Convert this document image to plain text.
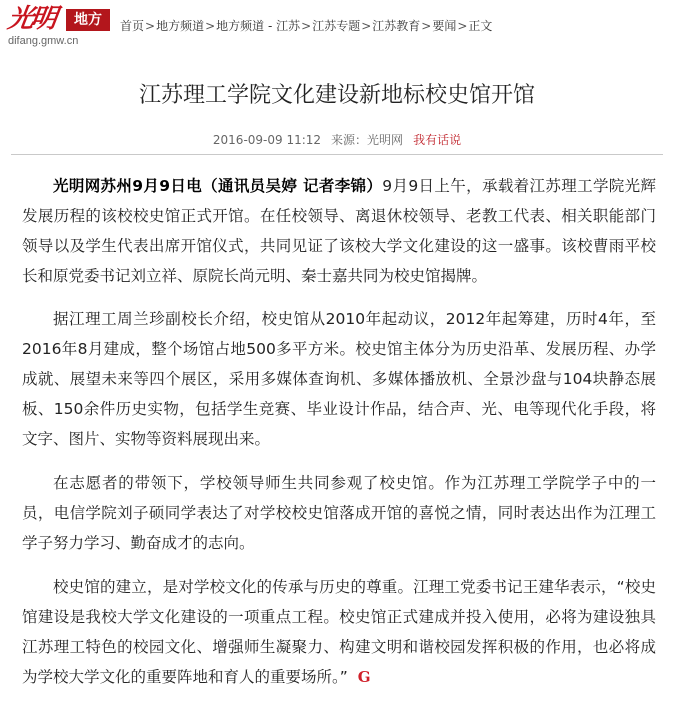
光明	地方
difang.gmw.cn
首页>地方频道>地方频道 - 江苏>江苏专题>江苏教育>要闻>正文
江苏理工学院文化建设新地标校史馆开馆
2016-09-09 11:12 来源：光明网 我有话说

光明网苏州9月9日电（通讯员吴婷 记者李锦）9月9日上午，承载着江苏理工学院光辉发展历程的该校校史馆正式开馆。在任校领导、离退休校领导、老教工代表、相关职能部门领导以及学生代表出席开馆仪式，共同见证了该校大学文化建设的这一盛事。该校曹雨平校长和原党委书记刘立祥、原院长尚元明、秦士嘉共同为校史馆揭牌。

据江理工周兰珍副校长介绍，校史馆从2010年起动议，2012年起筹建，历时4年，至2016年8月建成，整个场馆占地500多平方米。校史馆主体分为历史沿革、发展历程、办学成就、展望未来等四个展区，采用多媒体查询机、多媒体播放机、全景沙盘与104块静态展板、150余件历史实物，包括学生竞赛、毕业设计作品，结合声、光、电等现代化手段，将文字、图片、实物等资料展现出来。

在志愿者的带领下，学校领导师生共同参观了校史馆。作为江苏理工学院学子中的一员，电信学院刘子硕同学表达了对学校校史馆落成开馆的喜悦之情，同时表达出作为江理工学子努力学习、勤奋成才的志向。

校史馆的建立，是对学校文化的传承与历史的尊重。江理工党委书记王建华表示，“校史馆建设是我校大学文化建设的一项重点工程。校史馆正式建成并投入使用，必将为建设独具江苏理工特色的校园文化、增强师生凝聚力、构建文明和谐校园发挥积极的作用，也必将成为学校大学文化的重要阵地和育人的重要场所。” G
